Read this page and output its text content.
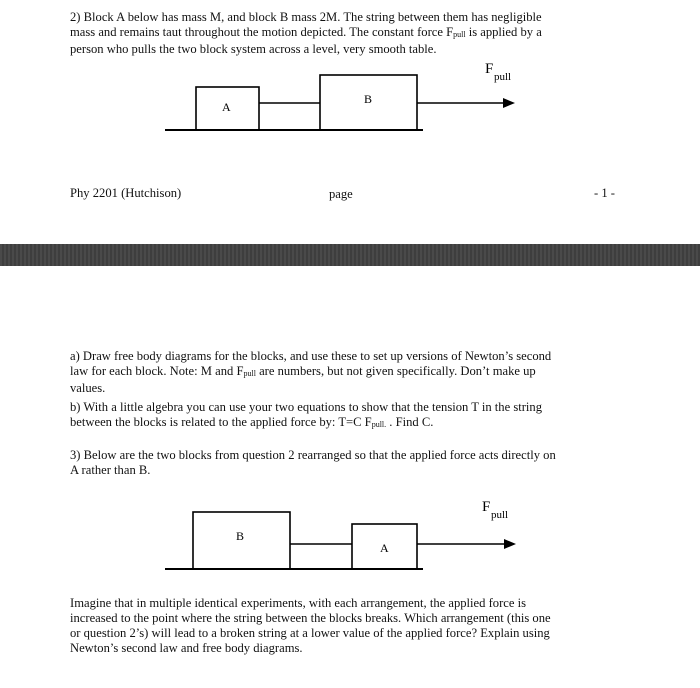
2) Block A below has mass M, and block B mass 2M. The string between them has negligible
mass and remains taut throughout the motion depicted. The constant force $F_{pull}$ is applied by a
person who pulls the two block system across a level, very smooth table.

A
B
F pull
Phy 2201 (Hutchison)	page	- 1 -

a) Draw free body diagrams for the blocks, and use these to set up versions of Newton’s second
law for each block. Note: M and $F_{pull}$ are numbers, but not given specifically. Don’t make up
values.

b) With a little algebra you can use your two equations to show that the tension T in the string
between the blocks is related to the applied force by: T=C $F_{pull.}$ . Find C.

3) Below are the two blocks from question 2 rearranged so that the applied force acts directly on
A rather than B.

B
A
F pull

Imagine that in multiple identical experiments, with each arrangement, the applied force is
increased to the point where the string between the blocks breaks. Which arrangement (this one
or question 2’s) will lead to a broken string at a lower value of the applied force? Explain using
Newton’s second law and free body diagrams.
